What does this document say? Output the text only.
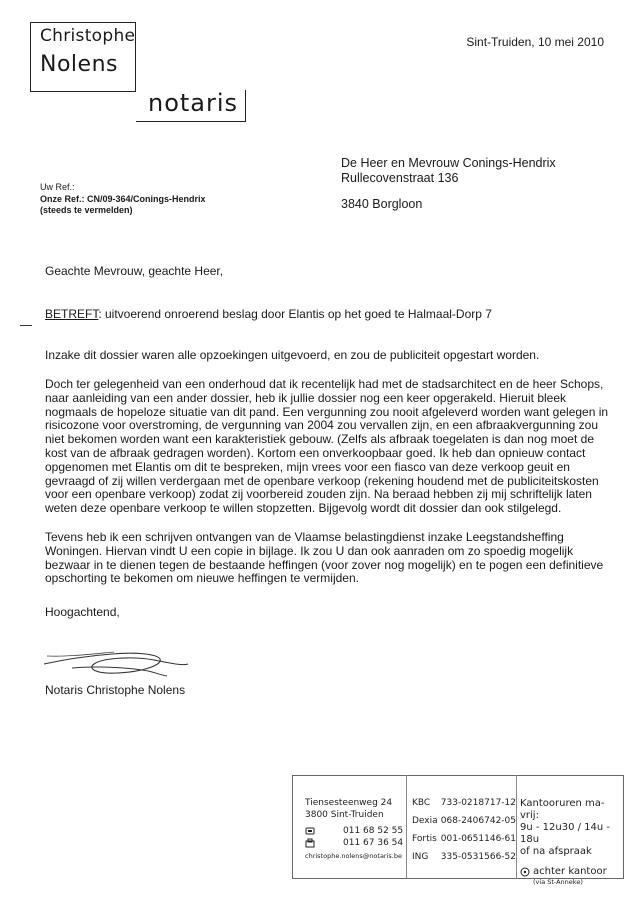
Christophe
Nolens
notaris
Sint-Truiden, 10 mei 2010
De Heer en Mevrouw Conings-Hendrix
Rullecovenstraat 136
3840 Borgloon
Uw Ref.:
Onze Ref.: CN/09-364/Conings-Hendrix
(steeds te vermelden)
Geachte Mevrouw, geachte Heer,
BETREFT: uitvoerend onroerend beslag door Elantis op het goed te Halmaal-Dorp 7
Inzake dit dossier waren alle opzoekingen uitgevoerd, en zou de publiciteit opgestart worden.
Doch ter gelegenheid van een onderhoud dat ik recentelijk had met de stadsarchitect en de heer Schops,
naar aanleiding van een ander dossier, heb ik jullie dossier nog een keer opgerakeld. Hieruit bleek
nogmaals de hopeloze situatie van dit pand. Een vergunning zou nooit afgeleverd worden want gelegen in
risicozone voor overstroming, de vergunning van 2004 zou vervallen zijn, en een afbraakvergunning zou
niet bekomen worden want een karakteristiek gebouw. (Zelfs als afbraak toegelaten is dan nog moet de
kost van de afbraak gedragen worden). Kortom een onverkoopbaar goed. Ik heb dan opnieuw contact
opgenomen met Elantis om dit te bespreken, mijn vrees voor een fiasco van deze verkoop geuit en
gevraagd of zij willen verdergaan met de openbare verkoop (rekening houdend met de publiciteitskosten
voor een openbare verkoop) zodat zij voorbereid zouden zijn. Na beraad hebben zij mij schriftelijk laten
weten deze openbare verkoop te willen stopzetten. Bijgevolg wordt dit dossier dan ook stilgelegd.
Tevens heb ik een schrijven ontvangen van de Vlaamse belastingdienst inzake Leegstandsheffing
Woningen. Hiervan vindt U een copie in bijlage. Ik zou U dan ook aanraden om zo spoedig mogelijk
bezwaar in te dienen tegen de bestaande heffingen (voor zover nog mogelijk) en te pogen een definitieve
opschorting te bekomen om nieuwe heffingen te vermijden.
Hoogachtend,
Notaris Christophe Nolens
Tiensesteenweg 24
3800 Sint-Truiden
011 68 52 55
011 67 36 54
christophe.nolens@notaris.be
KBC 733-0218717-12
Dexia 068-2406742-05
Fortis 001-0651146-61
ING 335-0531566-52
Kantooruren ma-vrij:
9u - 12u30 / 14u - 18u
of na afspraak
achter kantoor
(via St-Anneke)
